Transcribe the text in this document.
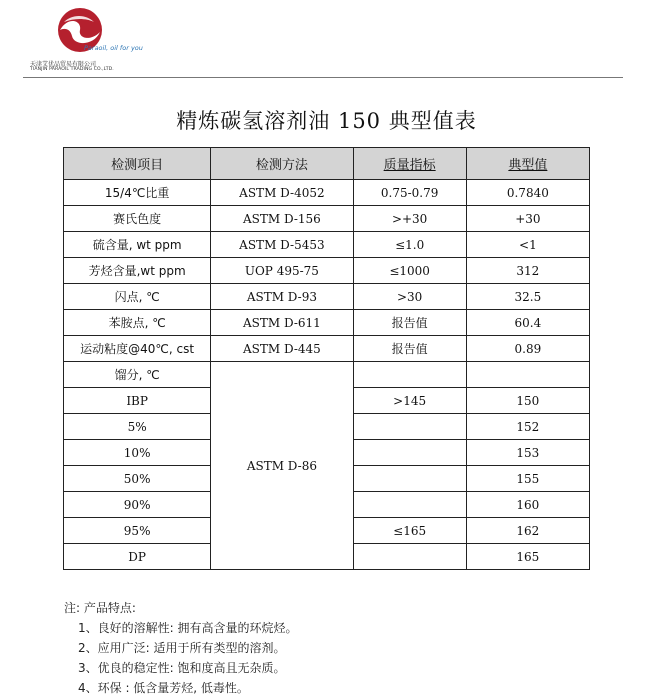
Paraoil, oil for you
天津艾优品贸易有限公司
TIANJIN PARAOIL TRADING CO.,LTD.
精炼碳氢溶剂油 150 典型值表
检测项目	检测方法	质量指标	典型值
15/4℃比重	ASTM D-4052	0.75-0.79	0.7840
赛氏色度	ASTM D-156	>+30	+30
硫含量, wt ppm	ASTM D-5453	≤1.0	<1
芳烃含量,wt ppm	UOP 495-75	≤1000	312
闪点, ℃	ASTM D-93	>30	32.5
苯胺点, ℃	ASTM D-611	报告值	60.4
运动粘度@40℃, cst	ASTM D-445	报告值	0.89
馏分, ℃	ASTM D-86		
IBP		>145	150
5%			152
10%			153
50%			155
90%			160
95%		≤165	162
DP			165
注: 产品特点:
1、良好的溶解性: 拥有高含量的环烷烃。
2、应用广泛: 适用于所有类型的溶剂。
3、优良的稳定性: 饱和度高且无杂质。
4、环保 : 低含量芳烃, 低毒性。
